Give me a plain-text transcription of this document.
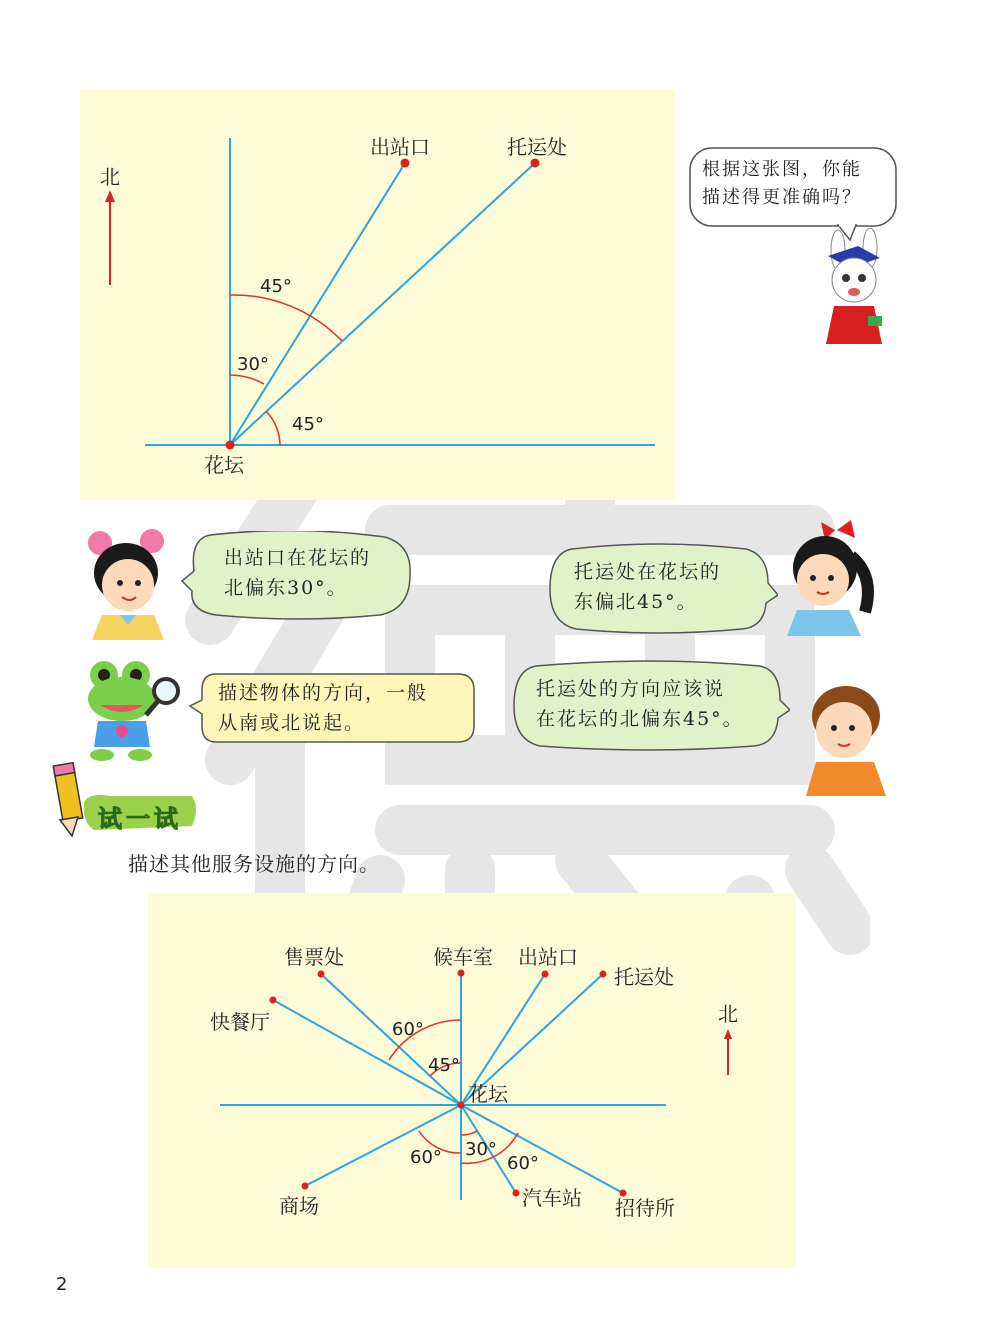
北
出站口	托运处
花坛
45°
30°
45°
根据这张图，你能
描述得更准确吗？
出站口在花坛的
北偏东30°。
托运处在花坛的
东偏北45°。
描述物体的方向，一般
从南或北说起。
托运处的方向应该说
在花坛的北偏东45°。
试一试
描述其他服务设施的方向。
北
售票处	候车室 出站口
托运处
快餐厅
花坛
商场	汽车站 招待所
60°
45°
60° 30°
60°
2
